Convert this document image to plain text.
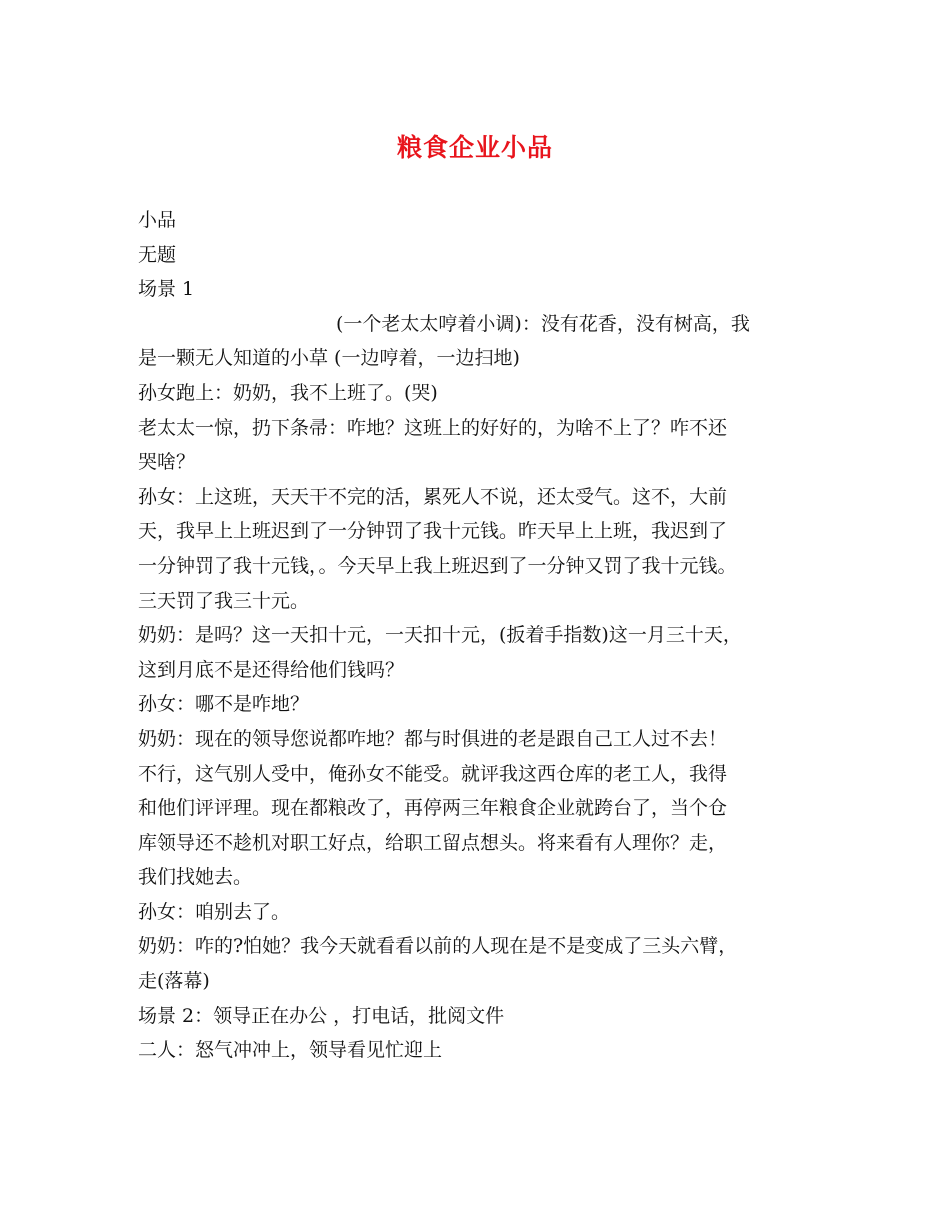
粮食企业小品
小品
无题
场景 1
(一个老太太哼着小调)：没有花香，没有树高，我
是一颗无人知道的小草 (一边哼着，一边扫地)
孙女跑上：奶奶，我不上班了。(哭)
老太太一惊，扔下条帚：咋地？这班上的好好的，为啥不上了？咋不还
哭啥？
孙女：上这班，天天干不完的活，累死人不说，还太受气。这不，大前
天，我早上上班迟到了一分钟罚了我十元钱。昨天早上上班，我迟到了
一分钟罚了我十元钱，。今天早上我上班迟到了一分钟又罚了我十元钱。
三天罚了我三十元。
奶奶：是吗？这一天扣十元，一天扣十元，(扳着手指数)这一月三十天，
这到月底不是还得给他们钱吗？
孙女：哪不是咋地？
奶奶：现在的领导您说都咋地？都与时俱进的老是跟自己工人过不去！
不行，这气别人受中，俺孙女不能受。就评我这西仓库的老工人，我得
和他们评评理。现在都粮改了，再停两三年粮食企业就跨台了，当个仓
库领导还不趁机对职工好点，给职工留点想头。将来看有人理你？走，
我们找她去。
孙女：咱别去了。
奶奶：咋的?怕她？我今天就看看以前的人现在是不是变成了三头六臂，
走(落幕)
场景 2：领导正在办公 ，打电话，批阅文件
二人：怒气冲冲上，领导看见忙迎上
